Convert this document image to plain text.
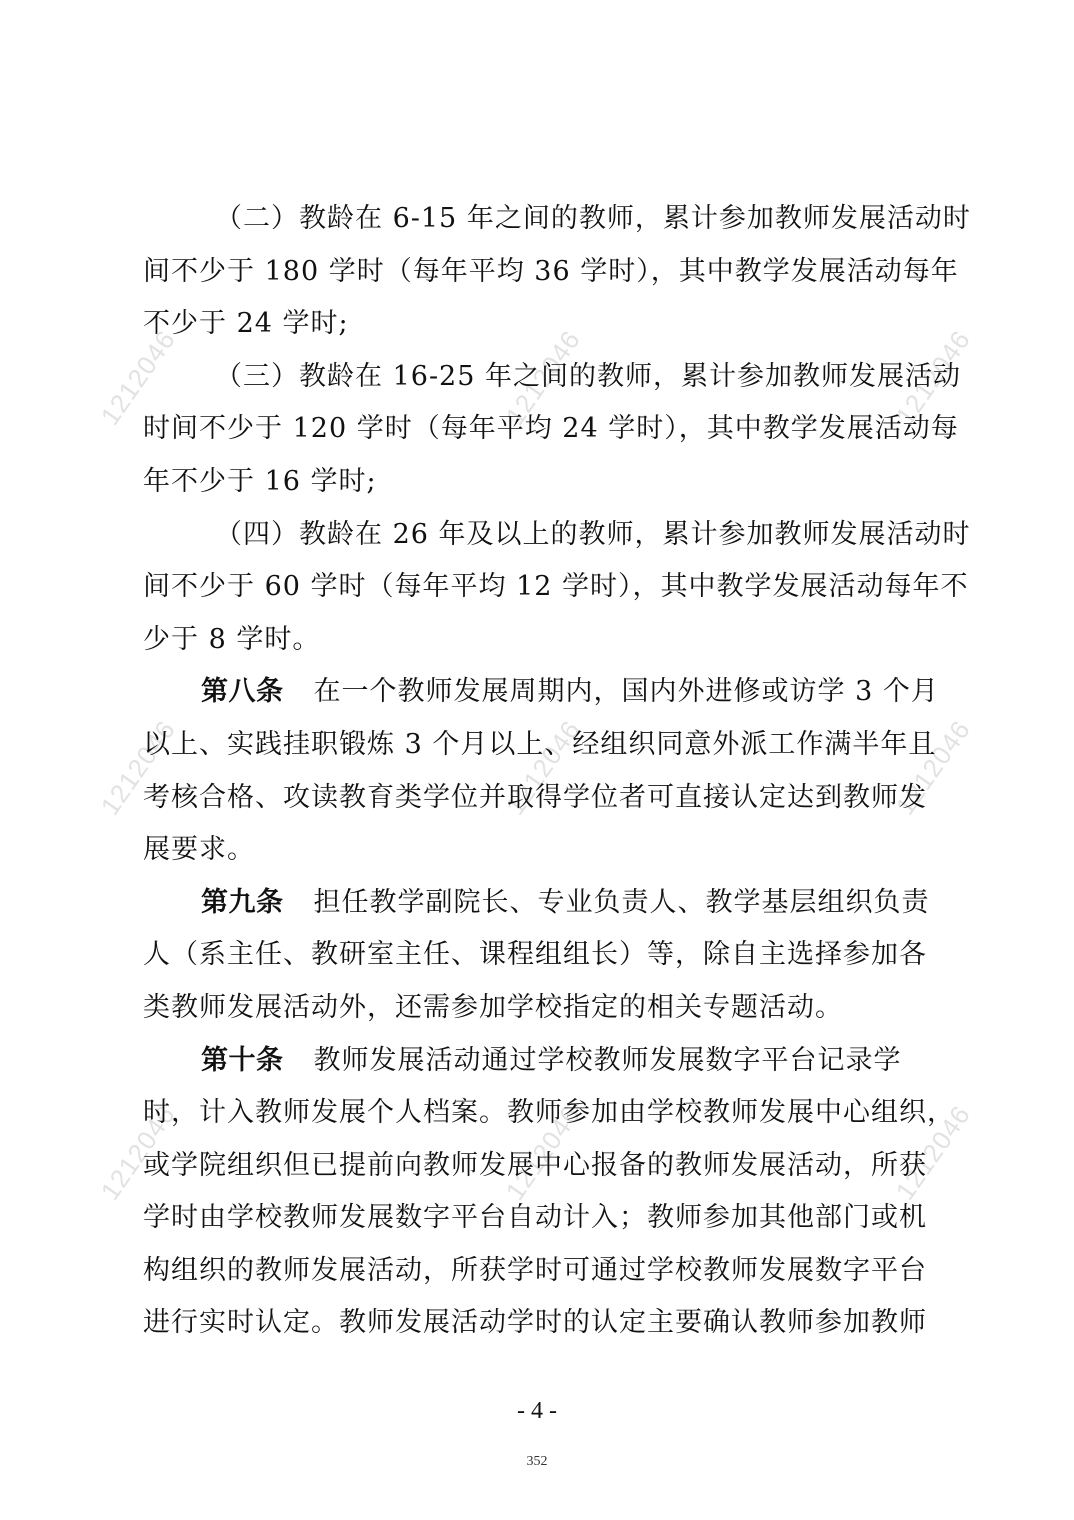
1212046	1212046	1212046
1212046	1212046	1212046
1212046	1212046	1212046
（二）教龄在 6-15 年之间的教师，累计参加教师发展活动时
间不少于 180 学时（每年平均 36 学时），其中教学发展活动每年
不少于 24 学时;
（三）教龄在 16-25 年之间的教师，累计参加教师发展活动
时间不少于 120 学时（每年平均 24 学时），其中教学发展活动每
年不少于 16 学时;
（四）教龄在 26 年及以上的教师，累计参加教师发展活动时
间不少于 60 学时（每年平均 12 学时），其中教学发展活动每年不
少于 8 学时。
第八条 在一个教师发展周期内，国内外进修或访学 3 个月
以上、实践挂职锻炼 3 个月以上、经组织同意外派工作满半年且
考核合格、攻读教育类学位并取得学位者可直接认定达到教师发
展要求。
第九条 担任教学副院长、专业负责人、教学基层组织负责
人（系主任、教研室主任、课程组组长）等，除自主选择参加各
类教师发展活动外，还需参加学校指定的相关专题活动。
第十条 教师发展活动通过学校教师发展数字平台记录学
时，计入教师发展个人档案。教师参加由学校教师发展中心组织，
或学院组织但已提前向教师发展中心报备的教师发展活动，所获
学时由学校教师发展数字平台自动计入；教师参加其他部门或机
构组织的教师发展活动，所获学时可通过学校教师发展数字平台
进行实时认定。教师发展活动学时的认定主要确认教师参加教师
- 4 -
352
